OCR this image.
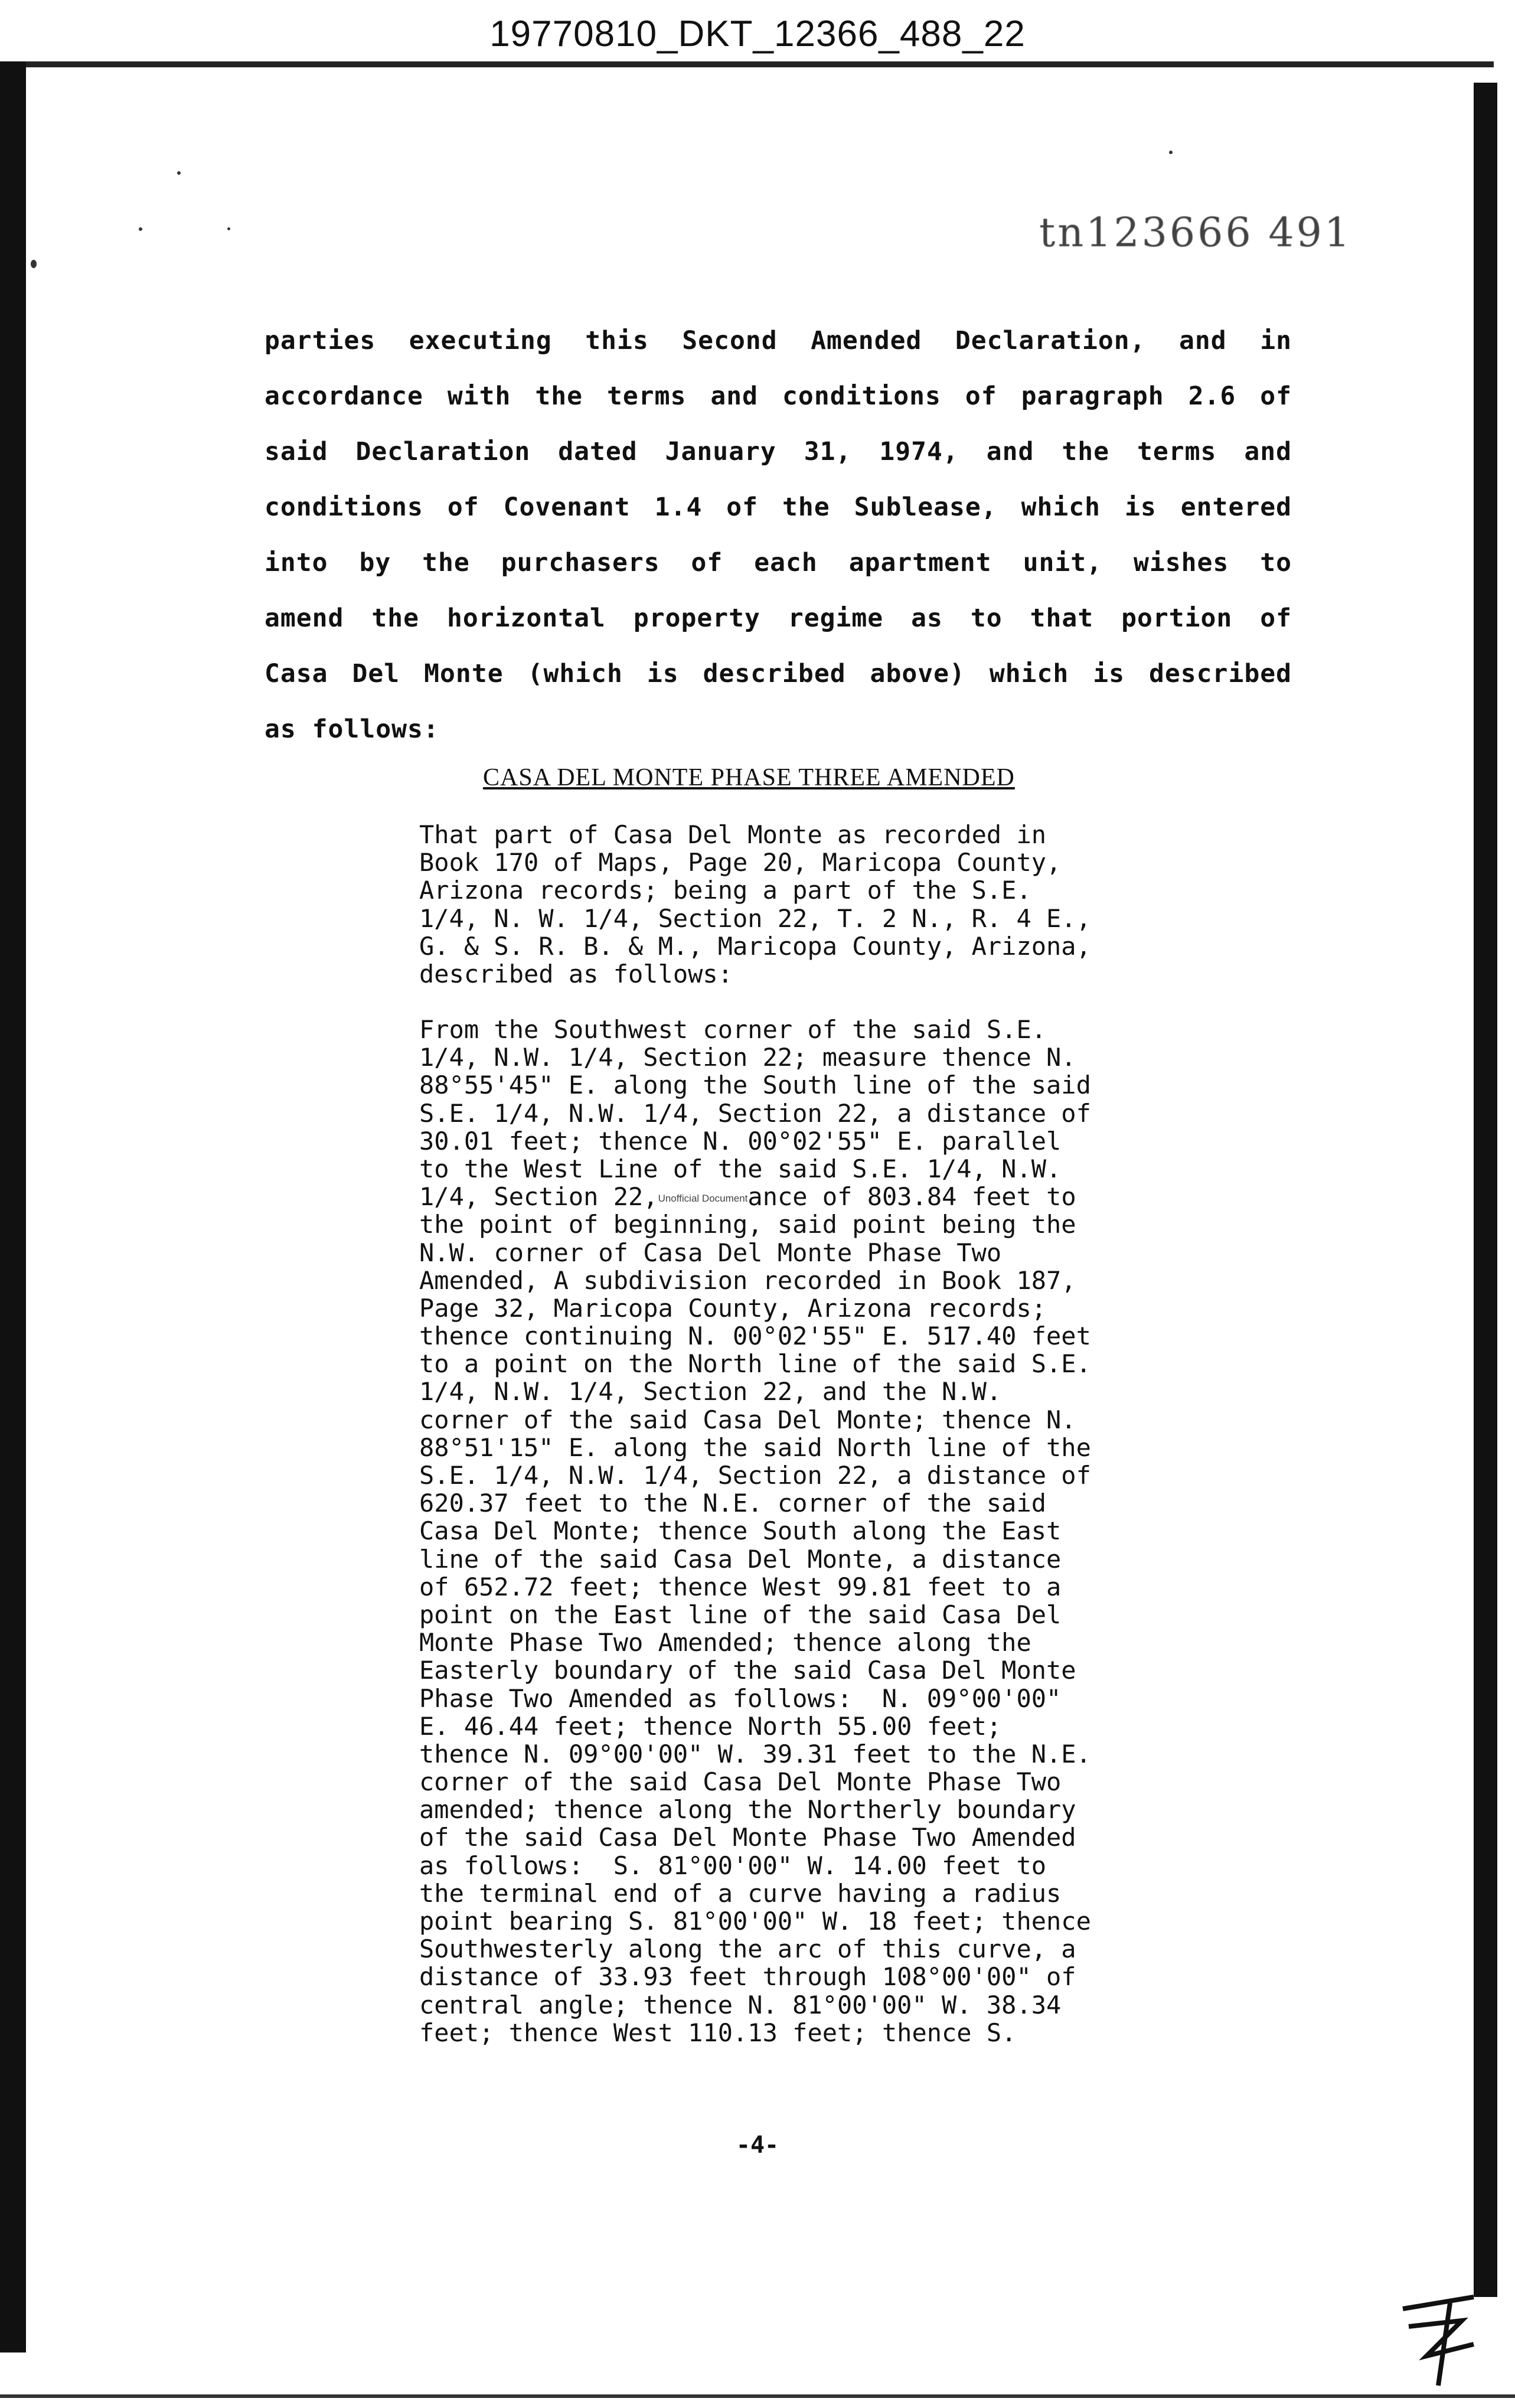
19770810_DKT_12366_488_22
tn123666 491
parties executing this Second Amended Declaration, and in
accordance with the terms and conditions of paragraph 2.6 of
said Declaration dated January 31, 1974, and the terms and
conditions of Covenant 1.4 of the Sublease, which is entered
into by the purchasers of each apartment unit, wishes to
amend the horizontal property regime as to that portion of
Casa Del Monte (which is described above) which is described
as follows:
CASA DEL MONTE PHASE THREE AMENDED
That part of Casa Del Monte as recorded in
Book 170 of Maps, Page 20, Maricopa County,
Arizona records; being a part of the S.E.
1/4, N. W. 1/4, Section 22, T. 2 N., R. 4 E.,
G. & S. R. B. & M., Maricopa County, Arizona,
described as follows:
From the Southwest corner of the said S.E.
1/4, N.W. 1/4, Section 22; measure thence N.
88°55'45" E. along the South line of the said
S.E. 1/4, N.W. 1/4, Section 22, a distance of
30.01 feet; thence N. 00°02'55" E. parallel
to the West Line of the said S.E. 1/4, N.W.
1/4, Section 22,Unofficial Documentance of 803.84 feet to
the point of beginning, said point being the
N.W. corner of Casa Del Monte Phase Two
Amended, A subdivision recorded in Book 187,
Page 32, Maricopa County, Arizona records;
thence continuing N. 00°02'55" E. 517.40 feet
to a point on the North line of the said S.E.
1/4, N.W. 1/4, Section 22, and the N.W.
corner of the said Casa Del Monte; thence N.
88°51'15" E. along the said North line of the
S.E. 1/4, N.W. 1/4, Section 22, a distance of
620.37 feet to the N.E. corner of the said
Casa Del Monte; thence South along the East
line of the said Casa Del Monte, a distance
of 652.72 feet; thence West 99.81 feet to a
point on the East line of the said Casa Del
Monte Phase Two Amended; thence along the
Easterly boundary of the said Casa Del Monte
Phase Two Amended as follows:  N. 09°00'00"
E. 46.44 feet; thence North 55.00 feet;
thence N. 09°00'00" W. 39.31 feet to the N.E.
corner of the said Casa Del Monte Phase Two
amended; thence along the Northerly boundary
of the said Casa Del Monte Phase Two Amended
as follows:  S. 81°00'00" W. 14.00 feet to
the terminal end of a curve having a radius
point bearing S. 81°00'00" W. 18 feet; thence
Southwesterly along the arc of this curve, a
distance of 33.93 feet through 108°00'00" of
central angle; thence N. 81°00'00" W. 38.34
feet; thence West 110.13 feet; thence S.
-4-
